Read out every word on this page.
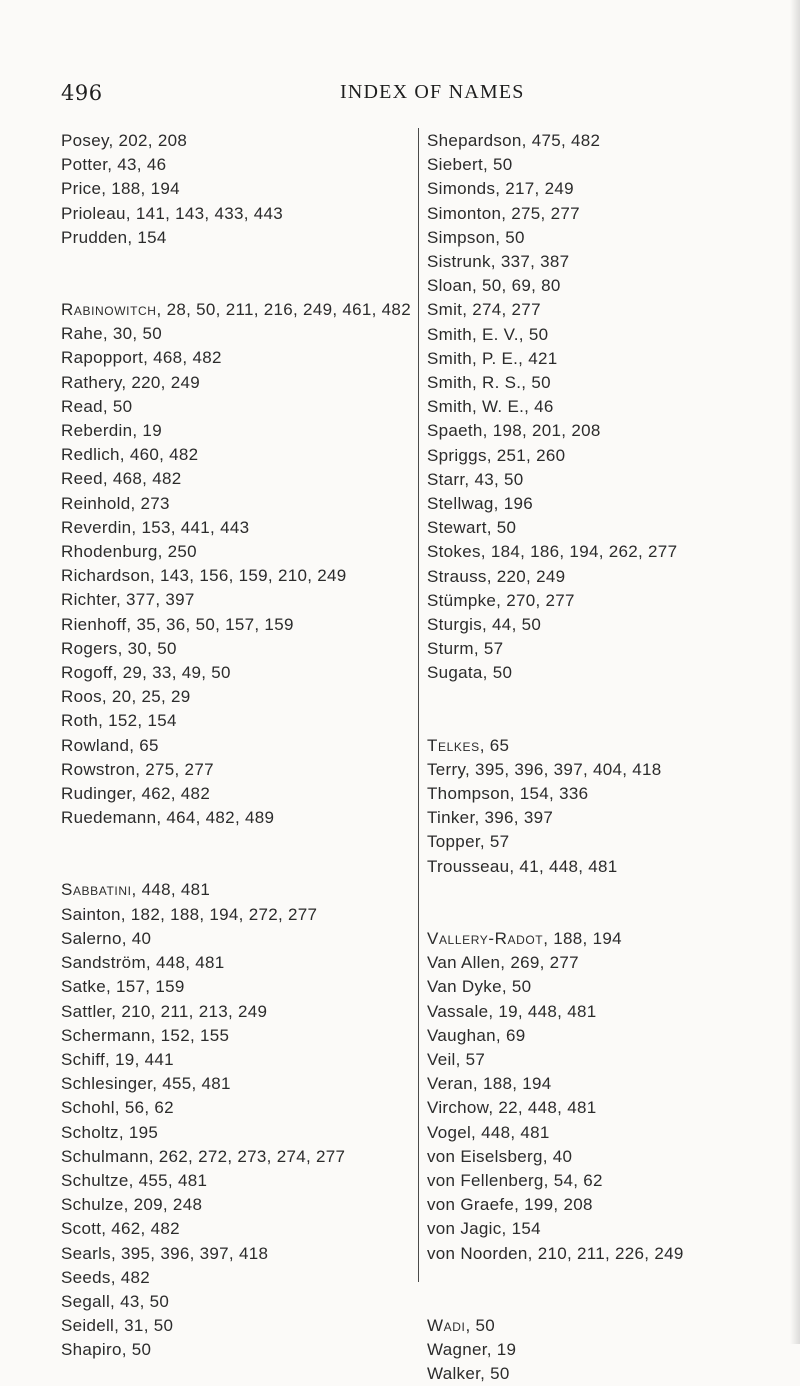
496	INDEX OF NAMES
Posey, 202, 208
Potter, 43, 46
Price, 188, 194
Prioleau, 141, 143, 433, 443
Prudden, 154
Rabinowitch, 28, 50, 211, 216, 249, 461, 482
Rahe, 30, 50
Rapopport, 468, 482
Rathery, 220, 249
Read, 50
Reberdin, 19
Redlich, 460, 482
Reed, 468, 482
Reinhold, 273
Reverdin, 153, 441, 443
Rhodenburg, 250
Richardson, 143, 156, 159, 210, 249
Richter, 377, 397
Rienhoff, 35, 36, 50, 157, 159
Rogers, 30, 50
Rogoff, 29, 33, 49, 50
Roos, 20, 25, 29
Roth, 152, 154
Rowland, 65
Rowstron, 275, 277
Rudinger, 462, 482
Ruedemann, 464, 482, 489
Sabbatini, 448, 481
Sainton, 182, 188, 194, 272, 277
Salerno, 40
Sandström, 448, 481
Satke, 157, 159
Sattler, 210, 211, 213, 249
Schermann, 152, 155
Schiff, 19, 441
Schlesinger, 455, 481
Schohl, 56, 62
Scholtz, 195
Schulmann, 262, 272, 273, 274, 277
Schultze, 455, 481
Schulze, 209, 248
Scott, 462, 482
Searls, 395, 396, 397, 418
Seeds, 482
Segall, 43, 50
Seidell, 31, 50
Shapiro, 50
Shepardson, 475, 482
Siebert, 50
Simonds, 217, 249
Simonton, 275, 277
Simpson, 50
Sistrunk, 337, 387
Sloan, 50, 69, 80
Smit, 274, 277
Smith, E. V., 50
Smith, P. E., 421
Smith, R. S., 50
Smith, W. E., 46
Spaeth, 198, 201, 208
Spriggs, 251, 260
Starr, 43, 50
Stellwag, 196
Stewart, 50
Stokes, 184, 186, 194, 262, 277
Strauss, 220, 249
Stümpke, 270, 277
Sturgis, 44, 50
Sturm, 57
Sugata, 50
Telkes, 65
Terry, 395, 396, 397, 404, 418
Thompson, 154, 336
Tinker, 396, 397
Topper, 57
Trousseau, 41, 448, 481
Vallery-Radot, 188, 194
Van Allen, 269, 277
Van Dyke, 50
Vassale, 19, 448, 481
Vaughan, 69
Veil, 57
Veran, 188, 194
Virchow, 22, 448, 481
Vogel, 448, 481
von Eiselsberg, 40
von Fellenberg, 54, 62
von Graefe, 199, 208
von Jagic, 154
von Noorden, 210, 211, 226, 249
Wadi, 50
Wagner, 19
Walker, 50
